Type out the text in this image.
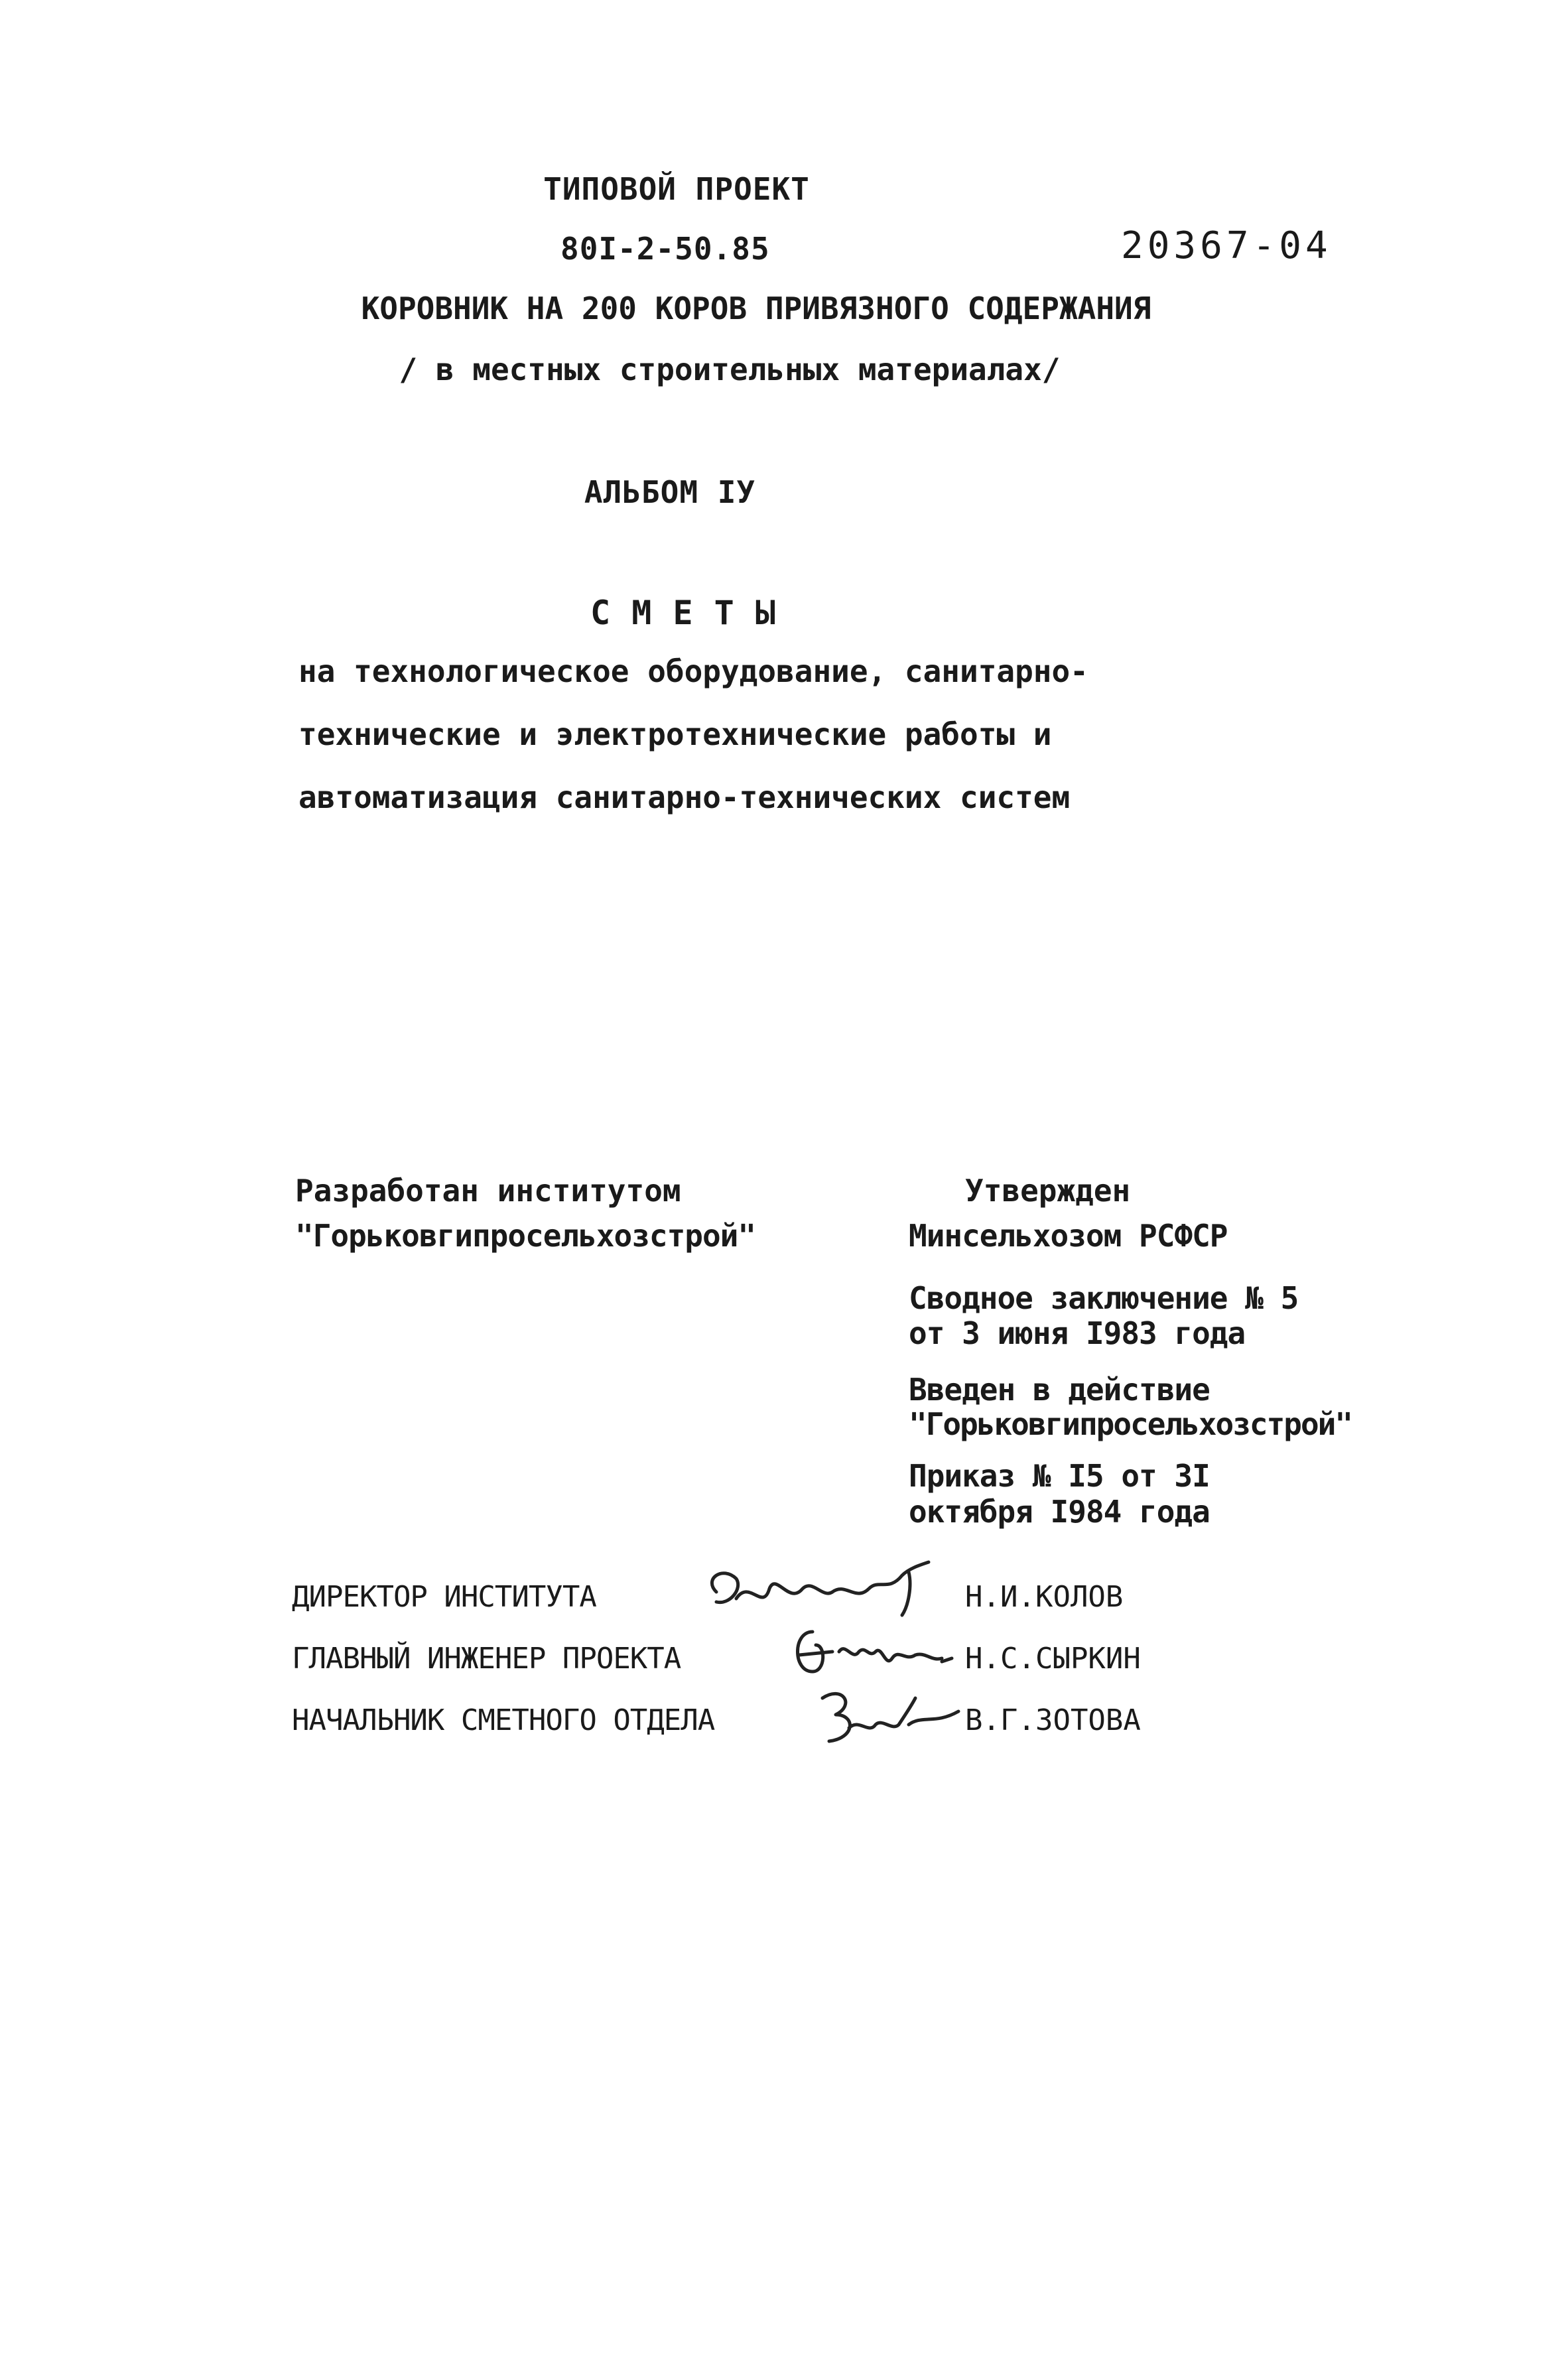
ТИПОВОЙ ПРОЕКТ
80I-2-50.85	20367-04
КОРОВНИК НА 200 КОРОВ ПРИВЯЗНОГО СОДЕРЖАНИЯ
/ в местных строительных материалах/
АЛЬБОМ IУ
С М Е Т Ы
на технологическое оборудование, санитарно-
технические и электротехнические работы и
автоматизация санитарно-технических систем
Разработан институтом
"Горьковгипросельхозстрой"
Утвержден
Минсельхозом РСФСР
Сводное заключение № 5
от 3 июня I983 года
Введен в действие
"Горьковгипросельхозстрой"
Приказ № I5 от 3I
октября I984 года
ДИРЕКТОР ИНСТИТУТА	Н.И.КОЛОВ
ГЛАВНЫЙ ИНЖЕНЕР ПРОЕКТА	Н.С.СЫРКИН
НАЧАЛЬНИК СМЕТНОГО ОТДЕЛА	В.Г.ЗОТОВА
